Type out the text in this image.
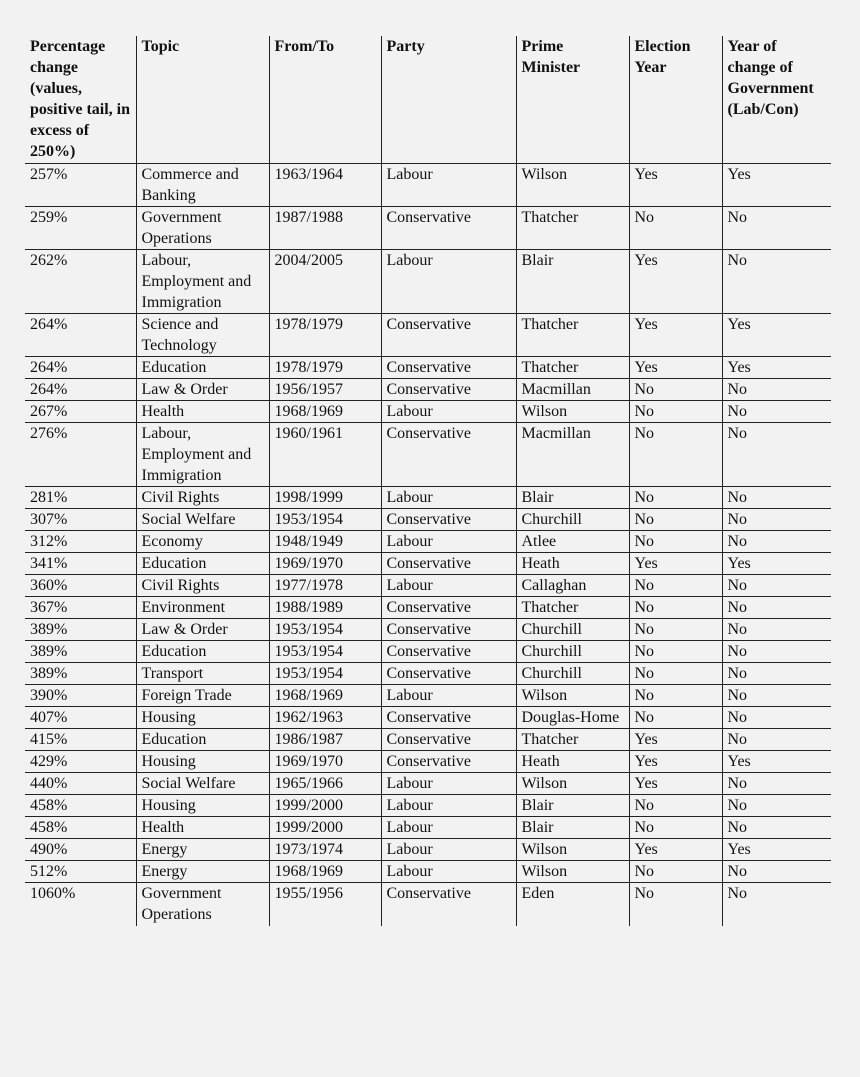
Percentage change (values, positive tail, in excess of 250%)	Topic	From/To	Party	Prime Minister	Election Year	Year of change of Government (Lab/Con)
257%	Commerce and Banking	1963/1964	Labour	Wilson	Yes	Yes
259%	Government Operations	1987/1988	Conservative	Thatcher	No	No
262%	Labour, Employment and Immigration	2004/2005	Labour	Blair	Yes	No
264%	Science and Technology	1978/1979	Conservative	Thatcher	Yes	Yes
264%	Education	1978/1979	Conservative	Thatcher	Yes	Yes
264%	Law & Order	1956/1957	Conservative	Macmillan	No	No
267%	Health	1968/1969	Labour	Wilson	No	No
276%	Labour, Employment and Immigration	1960/1961	Conservative	Macmillan	No	No
281%	Civil Rights	1998/1999	Labour	Blair	No	No
307%	Social Welfare	1953/1954	Conservative	Churchill	No	No
312%	Economy	1948/1949	Labour	Atlee	No	No
341%	Education	1969/1970	Conservative	Heath	Yes	Yes
360%	Civil Rights	1977/1978	Labour	Callaghan	No	No
367%	Environment	1988/1989	Conservative	Thatcher	No	No
389%	Law & Order	1953/1954	Conservative	Churchill	No	No
389%	Education	1953/1954	Conservative	Churchill	No	No
389%	Transport	1953/1954	Conservative	Churchill	No	No
390%	Foreign Trade	1968/1969	Labour	Wilson	No	No
407%	Housing	1962/1963	Conservative	Douglas-Home	No	No
415%	Education	1986/1987	Conservative	Thatcher	Yes	No
429%	Housing	1969/1970	Conservative	Heath	Yes	Yes
440%	Social Welfare	1965/1966	Labour	Wilson	Yes	No
458%	Housing	1999/2000	Labour	Blair	No	No
458%	Health	1999/2000	Labour	Blair	No	No
490%	Energy	1973/1974	Labour	Wilson	Yes	Yes
512%	Energy	1968/1969	Labour	Wilson	No	No
1060%	Government Operations	1955/1956	Conservative	Eden	No	No
